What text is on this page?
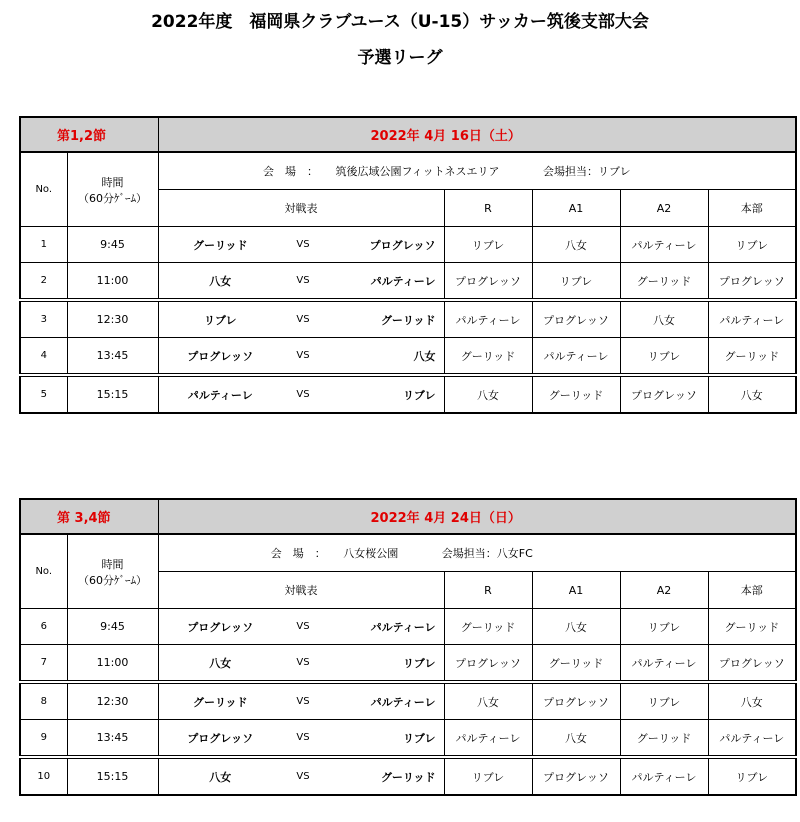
2022年度　福岡県クラブユース（U-15）サッカー筑後支部大会
予選リーグ
第1,2節		2022年 4月 16日（土）						
No.	時間
（60分ｹﾞｰﾑ）	会　場　： 筑後広域公園フィットネスエリア 会場担当：リブレ						
		対戦表			R	A1	A2	本部
1	9:45	グーリッド	VS	プログレッソ	リブレ	八女	パルティーレ	リブレ
2	11:00	八女	VS	パルティーレ	プログレッソ	リブレ	グーリッド	プログレッソ
3	12:30	リブレ	VS	グーリッド	パルティーレ	プログレッソ	八女	パルティーレ
4	13:45	プログレッソ	VS	八女	グーリッド	パルティーレ	リブレ	グーリッド
5	15:15	パルティーレ	VS	リブレ	八女	グーリッド	プログレッソ	八女
第 3,4節		2022年 4月 24日（日）						
No.	時間
（60分ｹﾞｰﾑ）	会　場　： 八女桜公園 会場担当：八女FC						
		対戦表			R	A1	A2	本部
6	9:45	プログレッソ	VS	パルティーレ	グーリッド	八女	リブレ	グーリッド
7	11:00	八女	VS	リブレ	プログレッソ	グーリッド	パルティーレ	プログレッソ
8	12:30	グーリッド	VS	パルティーレ	八女	プログレッソ	リブレ	八女
9	13:45	プログレッソ	VS	リブレ	パルティーレ	八女	グーリッド	パルティーレ
10	15:15	八女	VS	グーリッド	リブレ	プログレッソ	パルティーレ	リブレ
